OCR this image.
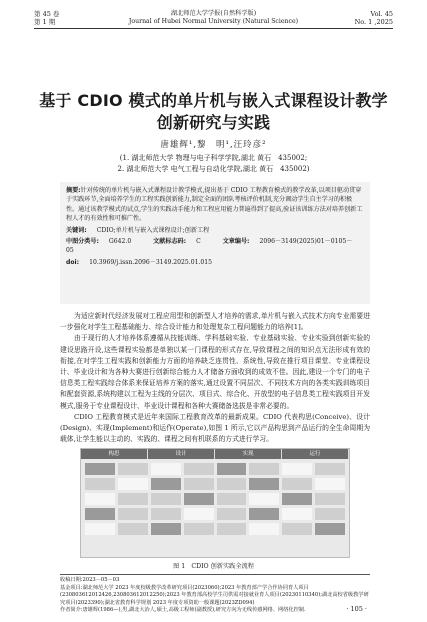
第 45 卷
第 1 期
湖北师范大学学报(自然科学版)
Journal of Hubei Normal University (Natural Science)
Vol. 45
No. 1 ,2025
基于 CDIO 模式的单片机与嵌入式课程设计教学
创新研究与实践
唐雄辉¹,黎　明¹,汪玲彦²
(1. 湖北师范大学 物理与电子科学学院,湖北 黄石　435002;
2. 湖北师范大学 电气工程与自动化学院,湖北 黄石　435002)
摘要:针对传统的单片机与嵌入式课程设计教学模式,提出基于 CDIO 工程教育模式的教学改革,以项目驱动贯穿于实践环节,全面培养学生的工程实践创新能力,制定全面的团队考核评价机制,充分调动学生自主学习的积极性。通过该教学模式的试点,学生的实践动手能力和工程应用能力普遍得到了提高,验证该训练方法对培养创新工程人才的有效性和可推广性。
关键词: CDIO;单片机与嵌入式课程设计;创新工程
中图分类号: G642.0	文献标志码: C	文章编号: 2096－3149(2025)01－0105－05
doi: 10.3969/j.issn.2096－3149.2025.01.015

为适应新时代经济发展对工程应用型和创新型人才培养的需求,单片机与嵌入式技术方向专业需要进一步强化对学生工程基础能力、综合设计能力和处理复杂工程问题能力的培养[1]。

由于现行的人才培养体系遵循从技能训练、学科基础实验、专业基础实验、专业实验到创新实验的建设思路开设,这些课程实验都是单独以某一门课程的形式存在,导致课程之间的知识点无法形成有效的衔接,在对学生工程实践和创新能力方面的培养缺乏连贯性、系统性,导致在推行项目课堂、专业课程设计、毕业设计和为各种大赛进行创新综合能力人才储备方面收到的成效不佳。因此,建设一个专门的电子信息类工程实践综合体系来保证培养方案的落实,通过设置不同层次、不同技术方向的各类实践训练项目和配套资源,系统构建以工程为主线的分层次、项目式、综合化、开放型的电子信息类工程实践项目开发模式,服务于专业课程设计、毕业设计课程和各种大赛储备选拔是非常必要的。

CDIO 工程教育模式是近年来国际工程教育改革的最新成果。CDIO 代表构思(Conceive)、设计(Design)、实现(Implement)和运作(Operate),如图 1 所示,它以产品构思到产品运行的全生命周期为载体,让学生能以主动的、实践的、课程之间有机联系的方式进行学习。

构思	设计	实现	运行
图 1　CDIO 创新实践全流程
收稿日期:2023－05－03
基金项目:湖北师范大学 2023 年度校级教学改革研究项目(2023060);2023 年教育部产学合作协同育人项目(230803612012426,230803612012250);2023 年教育部高校学生司供需对接就业育人项目(20230110340);湖北高校省级教学研究项目(2023390);湖北省教育科学规划 2023 年度专项资助一般课题(2023ZD094)
作者简介:唐雄辉(1986—),男,湖北大冶人,硕士,高级工程师(副教授),研究方向为无线传感网络、网络化控制.	· 105 ·
